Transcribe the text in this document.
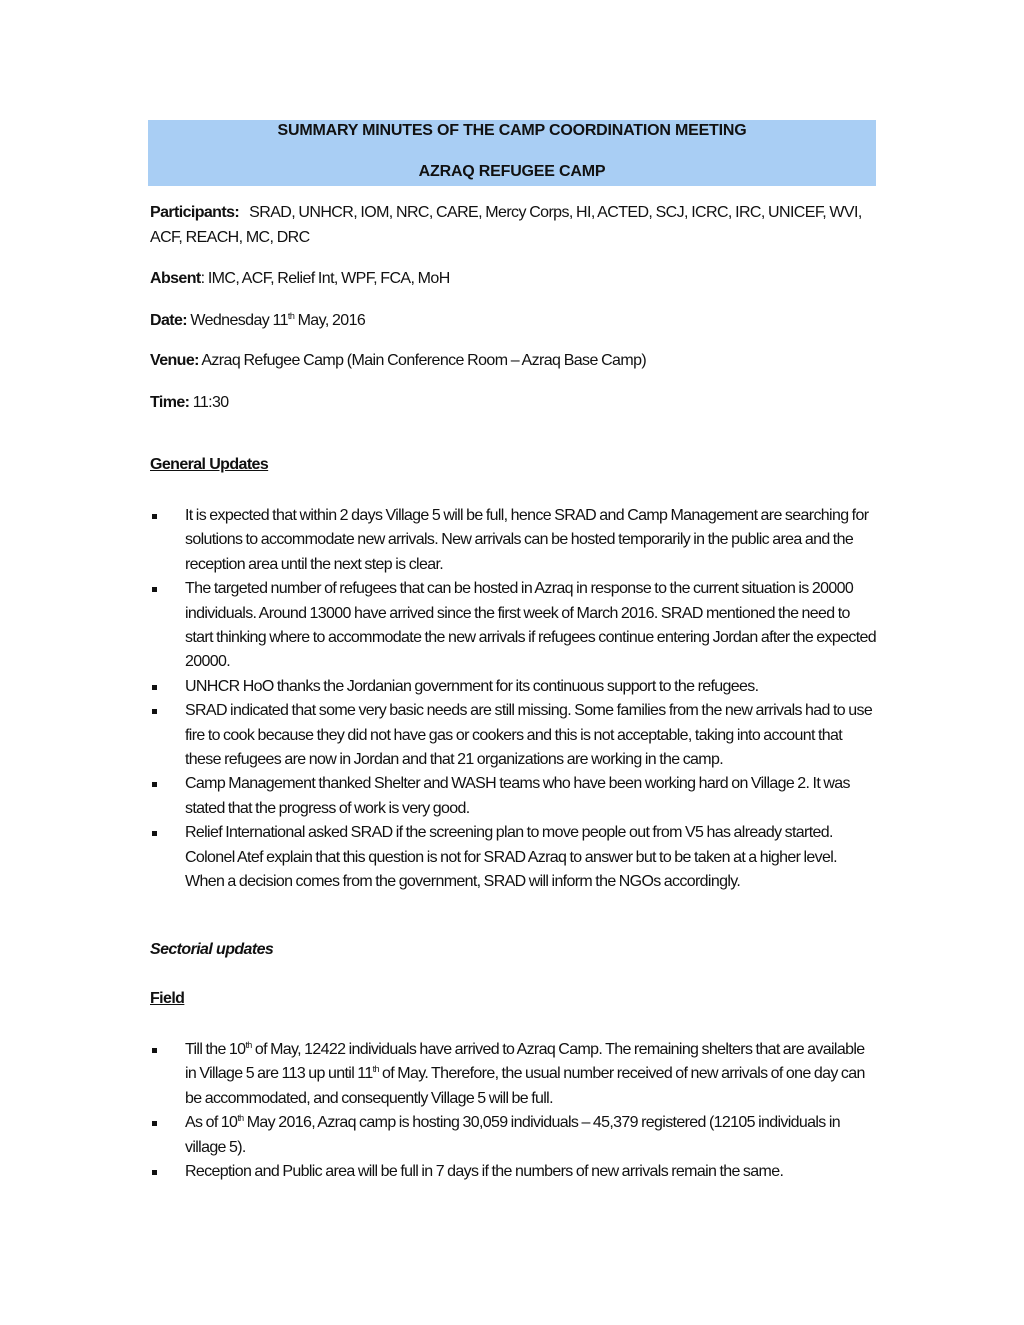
SUMMARY MINUTES OF THE CAMP COORDINATION MEETING
AZRAQ REFUGEE CAMP
Participants: SRAD, UNHCR, IOM, NRC, CARE, Mercy Corps, HI, ACTED, SCJ, ICRC, IRC, UNICEF, WVI, ACF, REACH, MC, DRC
Absent: IMC, ACF, Relief Int, WPF, FCA, MoH
Date: Wednesday 11th May, 2016
Venue: Azraq Refugee Camp (Main Conference Room – Azraq Base Camp)
Time: 11:30
General Updates
It is expected that within 2 days Village 5 will be full, hence SRAD and Camp Management are searching for solutions to accommodate new arrivals. New arrivals can be hosted temporarily in the public area and the reception area until the next step is clear.
The targeted number of refugees that can be hosted in Azraq in response to the current situation is 20000 individuals. Around 13000 have arrived since the first week of March 2016. SRAD mentioned the need to start thinking where to accommodate the new arrivals if refugees continue entering Jordan after the expected 20000.
UNHCR HoO thanks the Jordanian government for its continuous support to the refugees.
SRAD indicated that some very basic needs are still missing. Some families from the new arrivals had to use fire to cook because they did not have gas or cookers and this is not acceptable, taking into account that these refugees are now in Jordan and that 21 organizations are working in the camp.
Camp Management thanked Shelter and WASH teams who have been working hard on Village 2. It was stated that the progress of work is very good.
Relief International asked SRAD if the screening plan to move people out from V5 has already started. Colonel Atef explain that this question is not for SRAD Azraq to answer but to be taken at a higher level. When a decision comes from the government, SRAD will inform the NGOs accordingly.
Sectorial updates
Field
Till the 10th of May, 12422 individuals have arrived to Azraq Camp. The remaining shelters that are available in Village 5 are 113 up until 11th of May. Therefore, the usual number received of new arrivals of one day can be accommodated, and consequently Village 5 will be full.
As of 10th May 2016, Azraq camp is hosting 30,059 individuals – 45,379 registered (12105 individuals in village 5).
Reception and Public area will be full in 7 days if the numbers of new arrivals remain the same.
